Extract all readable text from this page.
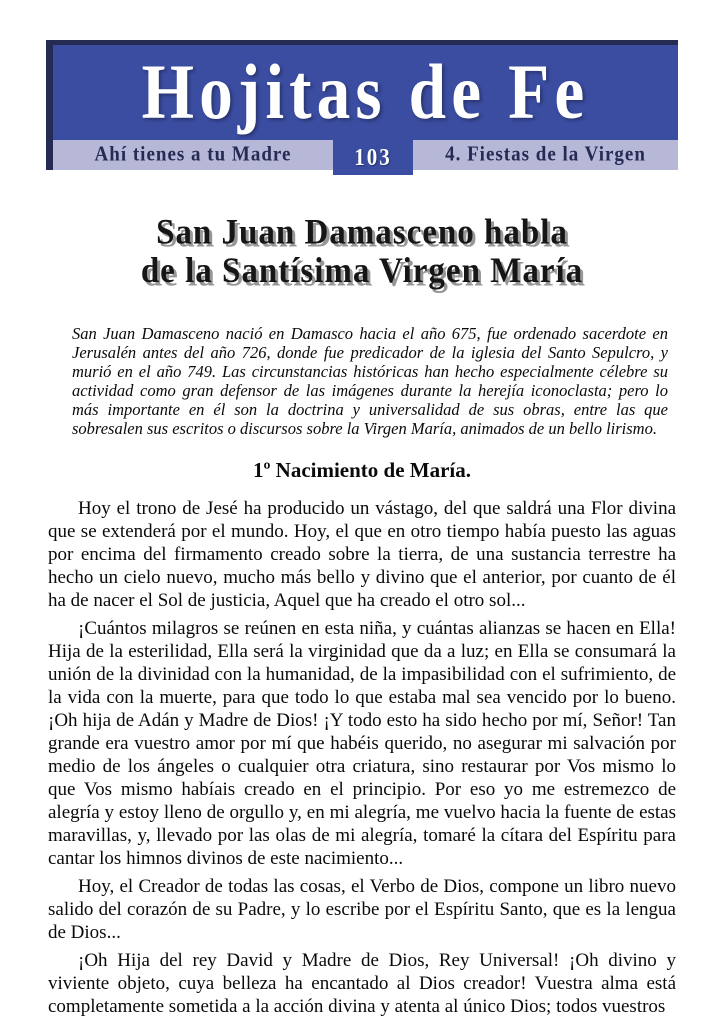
Hojitas de Fe
Ahí tienes a tu Madre	103	4. Fiestas de la Virgen
San Juan Damasceno habla
de la Santísima Virgen María
San Juan Damasceno nació en Damasco hacia el año 675, fue ordenado sacerdote en Jerusalén antes del año 726, donde fue predicador de la iglesia del Santo Sepulcro, y murió en el año 749. Las circunstancias históricas han hecho especialmente célebre su actividad como gran defensor de las imágenes durante la herejía iconoclasta; pero lo más importante en él son la doctrina y universalidad de sus obras, entre las que sobresalen sus escritos o discursos sobre la Virgen María, animados de un bello lirismo.
1º Nacimiento de María.

Hoy el trono de Jesé ha producido un vástago, del que saldrá una Flor divina que se extenderá por el mundo. Hoy, el que en otro tiempo había puesto las aguas por encima del firmamento creado sobre la tierra, de una sustancia terrestre ha hecho un cielo nuevo, mucho más bello y divino que el anterior, por cuanto de él ha de nacer el Sol de justicia, Aquel que ha creado el otro sol...

¡Cuántos milagros se reúnen en esta niña, y cuántas alianzas se hacen en Ella! Hija de la esterilidad, Ella será la virginidad que da a luz; en Ella se consumará la unión de la divinidad con la humanidad, de la impasibilidad con el sufrimiento, de la vida con la muerte, para que todo lo que estaba mal sea vencido por lo bueno. ¡Oh hija de Adán y Madre de Dios! ¡Y todo esto ha sido hecho por mí, Señor! Tan grande era vuestro amor por mí que habéis querido, no asegurar mi salvación por medio de los ángeles o cualquier otra criatura, sino restaurar por Vos mismo lo que Vos mismo habíais creado en el principio. Por eso yo me estremezco de alegría y estoy lleno de orgullo y, en mi alegría, me vuelvo hacia la fuente de estas maravillas, y, llevado por las olas de mi alegría, tomaré la cítara del Espíritu para cantar los himnos divinos de este nacimiento...

Hoy, el Creador de todas las cosas, el Verbo de Dios, compone un libro nuevo salido del corazón de su Padre, y lo escribe por el Espíritu Santo, que es la lengua de Dios...

¡Oh Hija del rey David y Madre de Dios, Rey Universal! ¡Oh divino y viviente objeto, cuya belleza ha encantado al Dios creador! Vuestra alma está completamente sometida a la acción divina y atenta al único Dios; todos vuestros
